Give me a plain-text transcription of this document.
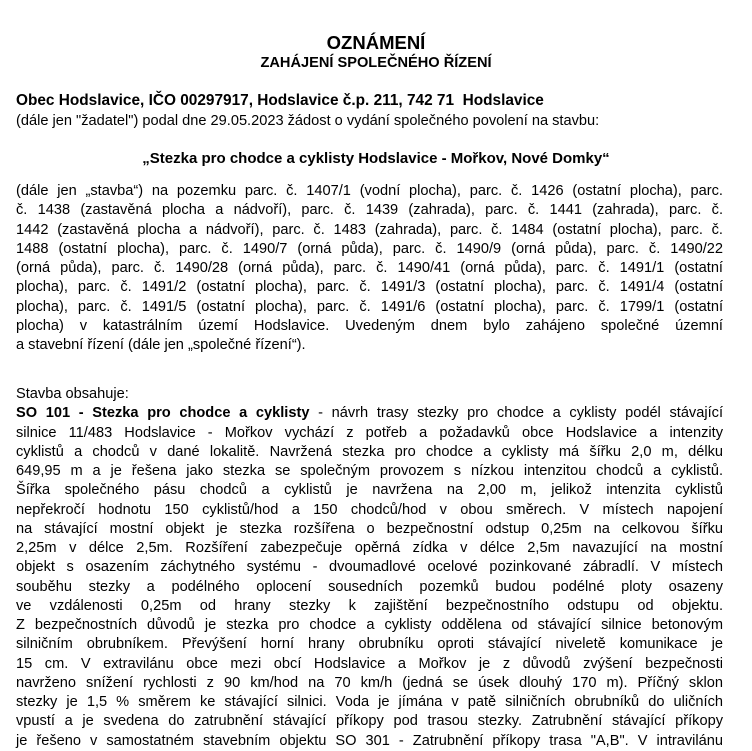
OZNÁMENÍ
ZAHÁJENÍ SPOLEČNÉHO ŘÍZENÍ
Obec Hodslavice, IČO 00297917, Hodslavice č.p. 211, 742 71  Hodslavice
(dále jen "žadatel") podal dne 29.05.2023 žádost o vydání společného povolení na stavbu:
„Stezka pro chodce a cyklisty Hodslavice - Mořkov, Nové Domky“
(dále jen „stavba“) na pozemku parc. č. 1407/1 (vodní plocha), parc. č. 1426 (ostatní plocha), parc.
č. 1438 (zastavěná plocha a nádvoří), parc. č. 1439 (zahrada), parc. č. 1441 (zahrada), parc. č.
1442 (zastavěná plocha a nádvoří), parc. č. 1483 (zahrada), parc. č. 1484 (ostatní plocha), parc. č.
1488 (ostatní plocha), parc. č. 1490/7 (orná půda), parc. č. 1490/9 (orná půda), parc. č. 1490/22
(orná půda), parc. č. 1490/28 (orná půda), parc. č. 1490/41 (orná půda), parc. č. 1491/1 (ostatní
plocha), parc. č. 1491/2 (ostatní plocha), parc. č. 1491/3 (ostatní plocha), parc. č. 1491/4 (ostatní
plocha), parc. č. 1491/5 (ostatní plocha), parc. č. 1491/6 (ostatní plocha), parc. č. 1799/1 (ostatní
plocha) v katastrálním území Hodslavice. Uvedeným dnem bylo zahájeno společné územní
a stavební řízení (dále jen „společné řízení“).
Stavba obsahuje:
SO 101 - Stezka pro chodce a cyklisty - návrh trasy stezky pro chodce a cyklisty podél stávající
silnice 11/483 Hodslavice - Mořkov vychází z potřeb a požadavků obce Hodslavice a intenzity
cyklistů a chodců v dané lokalitě. Navržená stezka pro chodce a cyklisty má šířku 2,0 m, délku
649,95 m a je řešena jako stezka se společným provozem s nízkou intenzitou chodců a cyklistů.
Šířka společného pásu chodců a cyklistů je navržena na 2,00 m, jelikož intenzita cyklistů
nepřekročí hodnotu 150 cyklistů/hod a 150 chodců/hod v obou směrech. V místech napojení
na stávající mostní objekt je stezka rozšířena o bezpečnostní odstup 0,25m na celkovou šířku
2,25m v délce 2,5m. Rozšíření zabezpečuje opěrná zídka v délce 2,5m navazující na mostní
objekt s osazením záchytného systému - dvoumadlové ocelové pozinkované zábradlí. V místech
souběhu stezky a podélného oplocení sousedních pozemků budou podélné ploty osazeny
ve vzdálenosti 0,25m od hrany stezky k zajištění bezpečnostního odstupu od objektu.
Z bezpečnostních důvodů je stezka pro chodce a cyklisty oddělena od stávající silnice betonovým
silničním obrubníkem. Převýšení horní hrany obrubníku oproti stávající niveletě komunikace je
15 cm. V extravilánu obce mezi obcí Hodslavice a Mořkov je z důvodů zvýšení bezpečnosti
navrženo snížení rychlosti z 90 km/hod na 70 km/h (jedná se úsek dlouhý 170 m). Příčný sklon
stezky je 1,5 % směrem ke stávající silnici. Voda je jímána v patě silničních obrubníků do uličních
vpustí a je svedena do zatrubnění stávající příkopy pod trasou stezky. Zatrubnění stávající příkopy
je řešeno v samostatném stavebním objektu SO 301 - Zatrubnění příkopy trasa "A,B". V intravilánu
